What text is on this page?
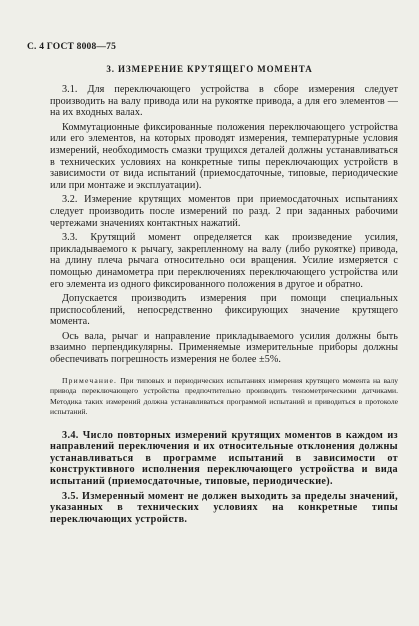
С. 4 ГОСТ 8008—75
3. ИЗМЕРЕНИЕ КРУТЯЩЕГО МОМЕНТА

3.1. Для переключающего устройства в сборе измерения следует производить на валу привода или на рукоятке привода, а для его элементов — на их входных валах.

Коммутационные фиксированные положения переключающего устройства или его элементов, на которых проводят измерения, температурные условия измерений, необходимость смазки трущихся деталей должны устанавливаться в технических условиях на конкретные типы переключающих устройств в зависимости от вида испытаний (приемосдаточные, типовые, периодические или при монтаже и эксплуатации).

3.2. Измерение крутящих моментов при приемосдаточных испытаниях следует производить после измерений по разд. 2 при заданных рабочими чертежами значениях контактных нажатий.

3.3. Крутящий момент определяется как произведение усилия, прикладываемого к рычагу, закрепленному на валу (либо рукоятке) привода, на длину плеча рычага относительно оси вращения. Усилие измеряется с помощью динамометра при переключениях переключающего устройства или его элемента из одного фиксированного положения в другое и обратно.

Допускается производить измерения при помощи специальных приспособлений, непосредственно фиксирующих значение крутящего момента.

Ось вала, рычаг и направление прикладываемого усилия должны быть взаимно перпендикулярны. Применяемые измерительные приборы должны обеспечивать погрешность измерения не более ±5%.

Примечание. При типовых и периодических испытаниях измерения крутящего момента на валу привода переключающего устройства предпочтительно производить тензометрическими датчиками. Методика таких измерений должна устанавливаться программой испытаний и приводиться в протоколе испытаний.

3.4. Число повторных измерений крутящих моментов в каждом из направлений переключения и их относительные отклонения должны устанавливаться в программе испытаний в зависимости от конструктивного исполнения переключающего устройства и вида испытаний (приемосдаточные, типовые, периодические).

3.5. Измеренный момент не должен выходить за пределы значений, указанных в технических условиях на конкретные типы переключающих устройств.
